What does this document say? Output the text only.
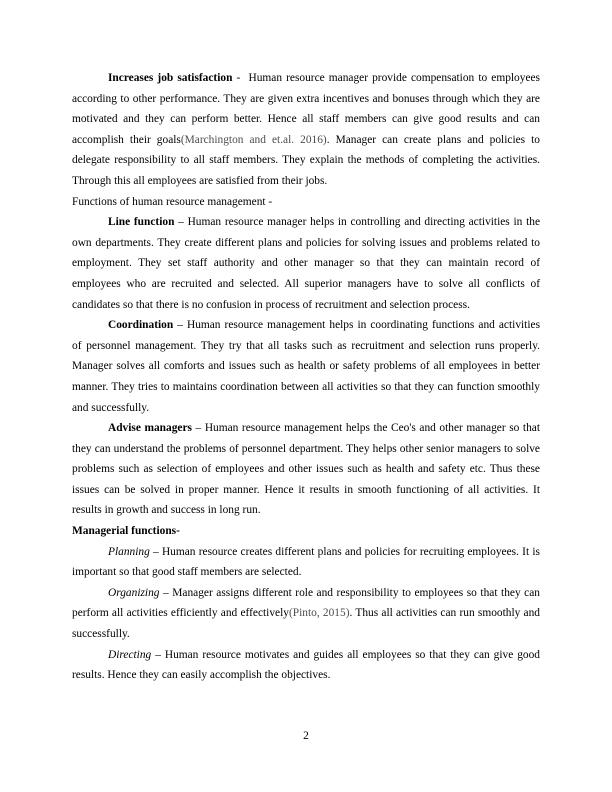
Increases job satisfaction -  Human resource manager provide compensation to employees according to other performance. They are given extra incentives and bonuses through which they are motivated and they can perform better. Hence all staff members can give good results and can accomplish their goals(Marchington and et.al. 2016). Manager can create plans and policies to delegate responsibility to all staff members. They explain the methods of completing the activities. Through this all employees are satisfied from their jobs.

Functions of human resource management -

Line function – Human resource manager helps in controlling and directing activities in the own departments. They create different plans and policies for solving issues and problems related to employment. They set staff authority and other manager so that they can maintain record of employees who are recruited and selected. All superior managers have to solve all conflicts of candidates so that there is no confusion in process of recruitment and selection process.

Coordination – Human resource management helps in coordinating functions and activities of personnel management. They try that all tasks such as recruitment and selection runs properly. Manager solves all comforts and issues such as health or safety problems of all employees in better manner. They tries to maintains coordination between all activities so that they can function smoothly and successfully.

Advise managers – Human resource management helps the Ceo's and other manager so that they can understand the problems of personnel department. They helps other senior managers to solve problems such as selection of employees and other issues such as health and safety etc. Thus these issues can be solved in proper manner. Hence it results in smooth functioning of all activities. It results in growth and success in long run.

Managerial functions-

Planning – Human resource creates different plans and policies for recruiting employees. It is important so that good staff members are selected.

Organizing – Manager assigns different role and responsibility to employees so that they can perform all activities efficiently and effectively(Pinto, 2015). Thus all activities can run smoothly and successfully.

Directing – Human resource motivates and guides all employees so that they can give good results. Hence they can easily accomplish the objectives.

2
